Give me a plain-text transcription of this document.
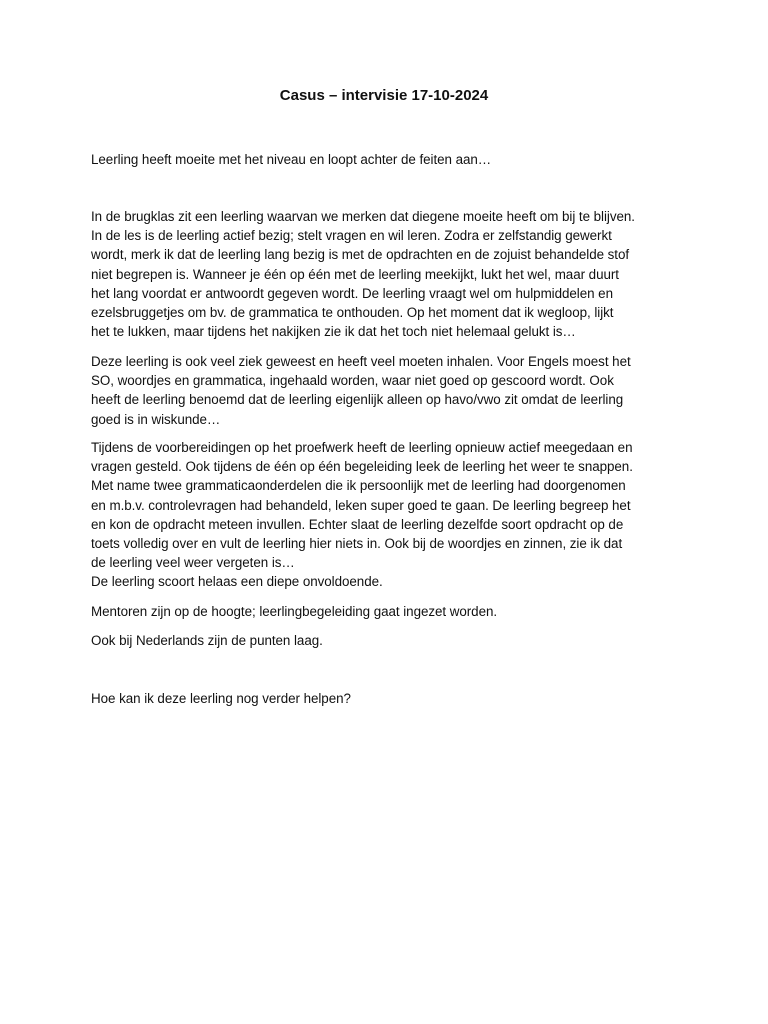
Casus – intervisie 17-10-2024

Leerling heeft moeite met het niveau en loopt achter de feiten aan…

In de brugklas zit een leerling waarvan we merken dat diegene moeite heeft om bij te blijven.
In de les is de leerling actief bezig; stelt vragen en wil leren. Zodra er zelfstandig gewerkt
wordt, merk ik dat de leerling lang bezig is met de opdrachten en de zojuist behandelde stof
niet begrepen is. Wanneer je één op één met de leerling meekijkt, lukt het wel, maar duurt
het lang voordat er antwoordt gegeven wordt. De leerling vraagt wel om hulpmiddelen en
ezelsbruggetjes om bv. de grammatica te onthouden. Op het moment dat ik wegloop, lijkt
het te lukken, maar tijdens het nakijken zie ik dat het toch niet helemaal gelukt is…

Deze leerling is ook veel ziek geweest en heeft veel moeten inhalen. Voor Engels moest het
SO, woordjes en grammatica, ingehaald worden, waar niet goed op gescoord wordt. Ook
heeft de leerling benoemd dat de leerling eigenlijk alleen op havo/vwo zit omdat de leerling
goed is in wiskunde…

Tijdens de voorbereidingen op het proefwerk heeft de leerling opnieuw actief meegedaan en
vragen gesteld. Ook tijdens de één op één begeleiding leek de leerling het weer te snappen.
Met name twee grammaticaonderdelen die ik persoonlijk met de leerling had doorgenomen
en m.b.v. controlevragen had behandeld, leken super goed te gaan. De leerling begreep het
en kon de opdracht meteen invullen. Echter slaat de leerling dezelfde soort opdracht op de
toets volledig over en vult de leerling hier niets in. Ook bij de woordjes en zinnen, zie ik dat
de leerling veel weer vergeten is…
De leerling scoort helaas een diepe onvoldoende.

Mentoren zijn op de hoogte; leerlingbegeleiding gaat ingezet worden.

Ook bij Nederlands zijn de punten laag.

Hoe kan ik deze leerling nog verder helpen?
